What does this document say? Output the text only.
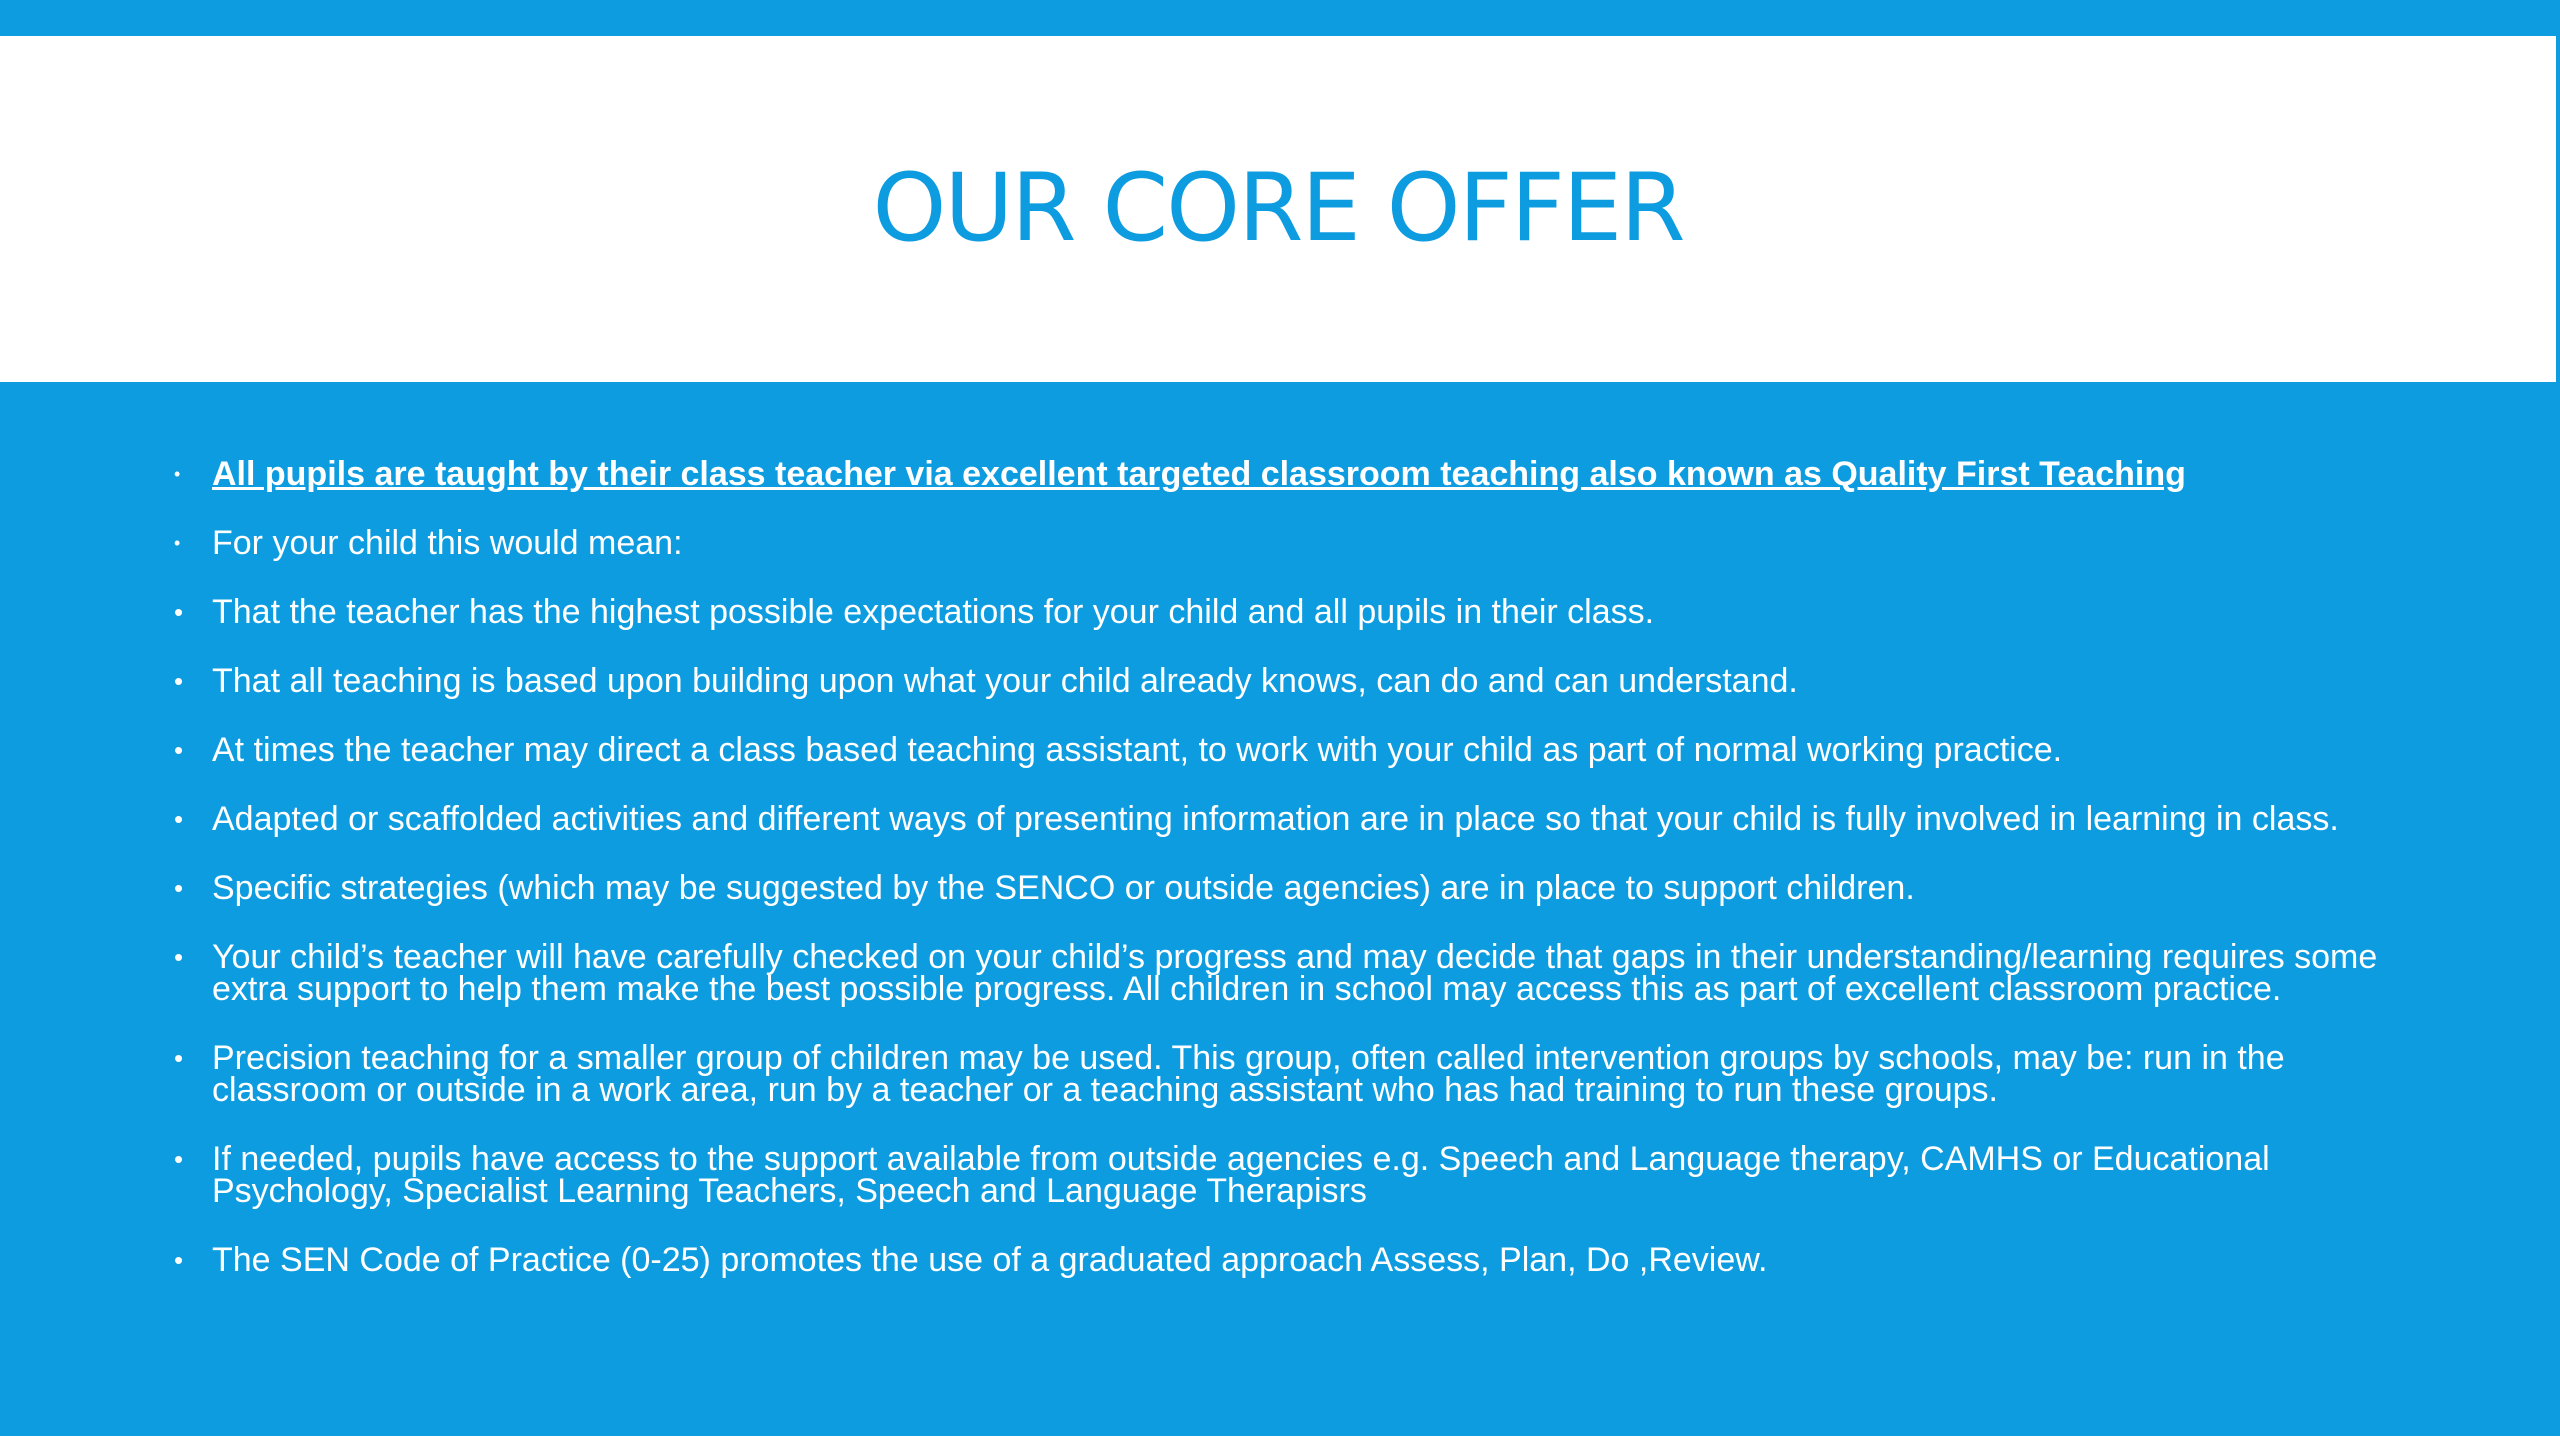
OUR CORE OFFER
• All pupils are taught by their class teacher via excellent targeted classroom teaching also known as Quality First Teaching
• For your child this would mean:
• That the teacher has the highest possible expectations for your child and all pupils in their class.
• That all teaching is based upon building upon what your child already knows, can do and can understand.
• At times the teacher may direct a class based teaching assistant, to work with your child as part of normal working practice.
• Adapted or scaffolded activities and different ways of presenting information are in place so that your child is fully involved in learning in class.
• Specific strategies (which may be suggested by the SENCO or outside agencies) are in place to support children.
• Your child’s teacher will have carefully checked on your child’s progress and may decide that gaps in their understanding/learning requires some extra support to help them make the best possible progress. All children in school may access this as part of excellent classroom practice.
• Precision teaching for a smaller group of children may be used. This group, often called intervention groups by schools, may be: run in the classroom or outside in a work area, run by a teacher or a teaching assistant who has had training to run these groups.
• If needed, pupils have access to the support available from outside agencies e.g. Speech and Language therapy, CAMHS or Educational Psychology, Specialist Learning Teachers, Speech and Language Therapisrs
• The SEN Code of Practice (0-25) promotes the use of a graduated approach Assess, Plan, Do ,Review.
